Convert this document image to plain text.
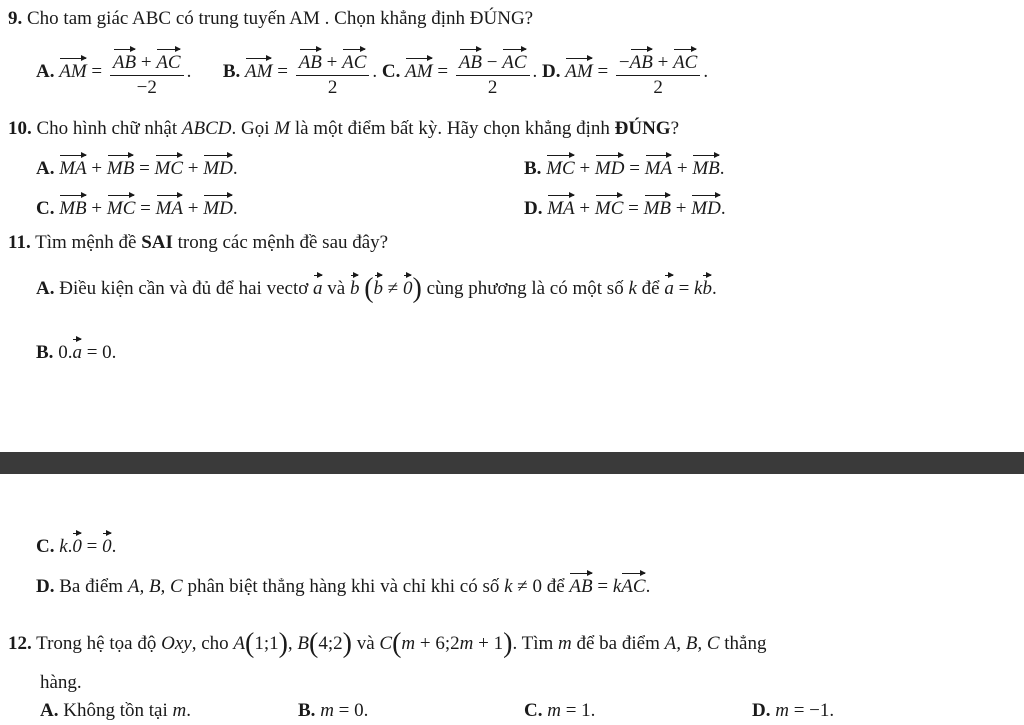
9. Cho tam giác ABC có trung tuyến AM . Chọn khẳng định ĐÚNG?
A. AM = $\frac{AB + AC}{-2}$ .  B. AM = $\frac{AB + AC}{2}$ . C. AM = $\frac{AB - AC}{2}$ . D. AM = $\frac{-AB + AC}{2}$ .
10. Cho hình chữ nhật ABCD. Gọi M là một điểm bất kỳ. Hãy chọn khẳng định ĐÚNG?
A. MA + MB = MC + MD.	B. MC + MD = MA + MB.
C. MB + MC = MA + MD.	D. MA + MC = MB + MD.
11. Tìm mệnh đề SAI trong các mệnh đề sau đây?
A. Điều kiện cần và đủ để hai vectơ a và b (b ≠ 0) cùng phương là có một số k để a = kb.
B. 0.a = 0.
C. k.0 = 0.
D. Ba điểm A, B, C phân biệt thẳng hàng khi và chỉ khi có số k ≠ 0 để AB = kAC.
12. Trong hệ tọa độ Oxy, cho A(1;1), B(4;2) và C(m + 6;2m + 1). Tìm m để ba điểm A, B, C thẳng
hàng.
A. Không tồn tại m.	B. m = 0.	C. m = 1.	D. m = −1.
